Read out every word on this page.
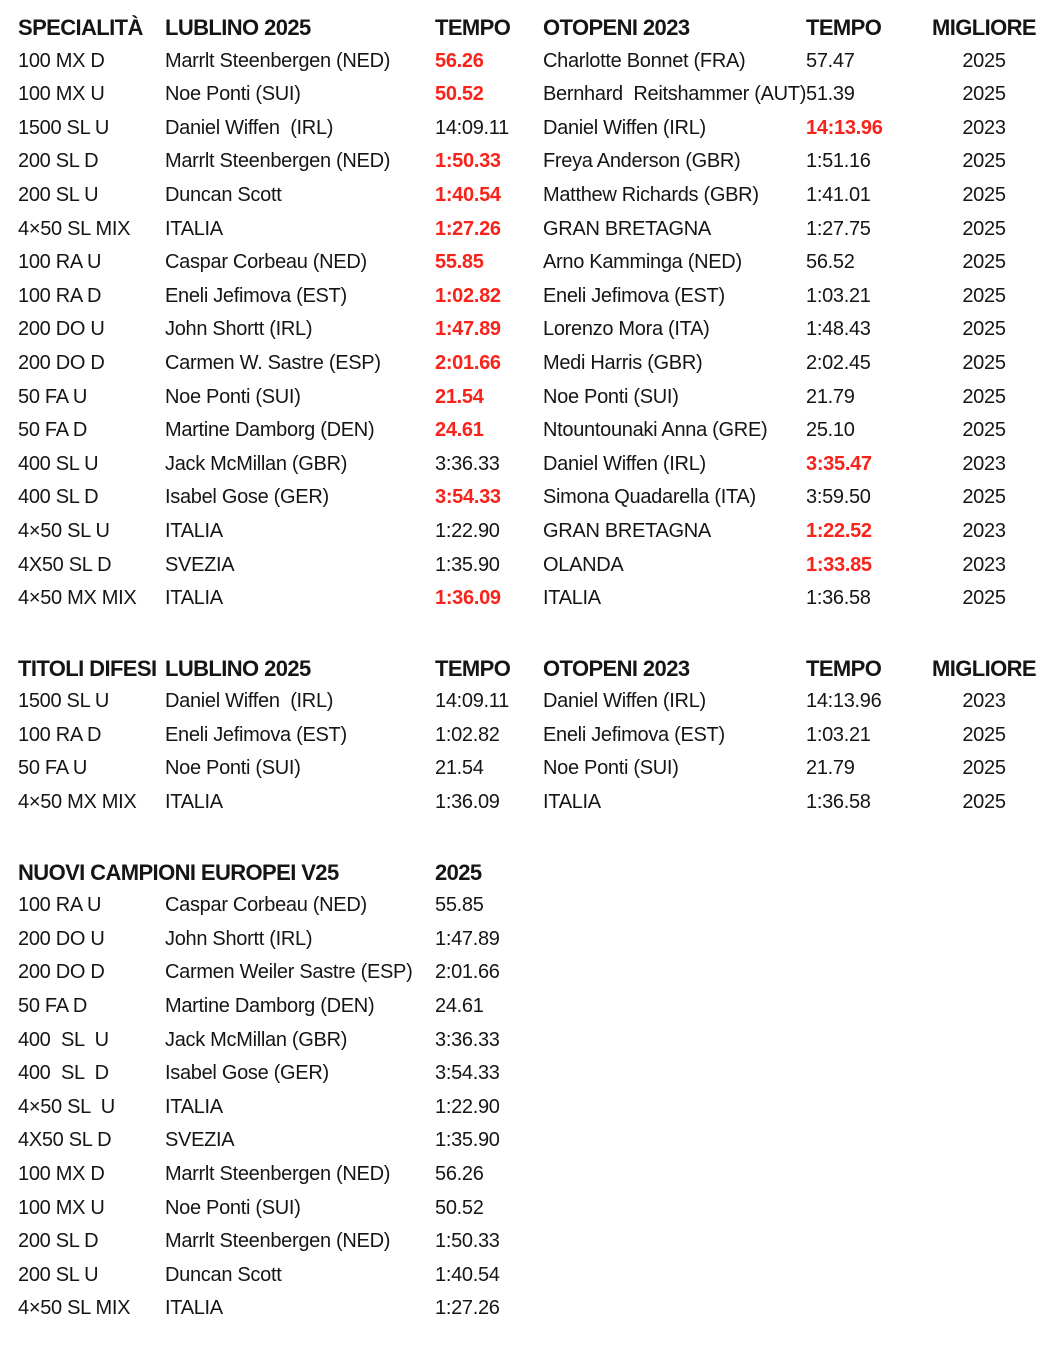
SPECIALITÀ	LUBLINO 2025	TEMPO	OTOPENI 2023	TEMPO	MIGLIORE
100 MX D	Marrlt Steenbergen (NED)	56.26	Charlotte Bonnet (FRA)	57.47	2025
100 MX U	Noe Ponti (SUI)	50.52	Bernhard  Reitshammer (AUT) 51.39	2025
1500 SL U	Daniel Wiffen  (IRL)	14:09.11	Daniel Wiffen (IRL)	14:13.96	2023
200 SL D	Marrlt Steenbergen (NED)	1:50.33	Freya Anderson (GBR)	1:51.16	2025
200 SL U	Duncan Scott	1:40.54	Matthew Richards (GBR)	1:41.01	2025
4×50 SL MIX	ITALIA	1:27.26	GRAN BRETAGNA	1:27.75	2025
100 RA U	Caspar Corbeau (NED)	55.85	Arno Kamminga (NED)	56.52	2025
100 RA D	Eneli Jefimova (EST)	1:02.82	Eneli Jefimova (EST)	1:03.21	2025
200 DO U	John Shortt (IRL)	1:47.89	Lorenzo Mora (ITA)	1:48.43	2025
200 DO D	Carmen W. Sastre (ESP)	2:01.66	Medi Harris (GBR)	2:02.45	2025
50 FA U	Noe Ponti (SUI)	21.54	Noe Ponti (SUI)	21.79	2025
50 FA D	Martine Damborg (DEN)	24.61	Ntountounaki Anna (GRE)	25.10	2025
400 SL U	Jack McMillan (GBR)	3:36.33	Daniel Wiffen (IRL)	3:35.47	2023
400 SL D	Isabel Gose (GER)	3:54.33	Simona Quadarella (ITA)	3:59.50	2025
4×50 SL U	ITALIA	1:22.90	GRAN BRETAGNA	1:22.52	2023
4X50 SL D	SVEZIA	1:35.90	OLANDA	1:33.85	2023
4×50 MX MIX	ITALIA	1:36.09	ITALIA	1:36.58	2025
TITOLI DIFESI LUBLINO 2025	TEMPO	OTOPENI 2023	TEMPO	MIGLIORE
1500 SL U	Daniel Wiffen  (IRL)	14:09.11	Daniel Wiffen (IRL)	14:13.96	2023
100 RA D	Eneli Jefimova (EST)	1:02.82	Eneli Jefimova (EST)	1:03.21	2025
50 FA U	Noe Ponti (SUI)	21.54	Noe Ponti (SUI)	21.79	2025
4×50 MX MIX	ITALIA	1:36.09	ITALIA	1:36.58	2025
NUOVI CAMPIONI EUROPEI V25	2025
100 RA U	Caspar Corbeau (NED)	55.85
200 DO U	John Shortt (IRL)	1:47.89
200 DO D	Carmen Weiler Sastre (ESP)	2:01.66
50 FA D	Martine Damborg (DEN)	24.61
400  SL  U	Jack McMillan (GBR)	3:36.33
400  SL  D	Isabel Gose (GER)	3:54.33
4×50 SL  U	ITALIA	1:22.90
4X50 SL D	SVEZIA	1:35.90
100 MX D	Marrlt Steenbergen (NED)	56.26
100 MX U	Noe Ponti (SUI)	50.52
200 SL D	Marrlt Steenbergen (NED)	1:50.33
200 SL U	Duncan Scott	1:40.54
4×50 SL MIX	ITALIA	1:27.26
